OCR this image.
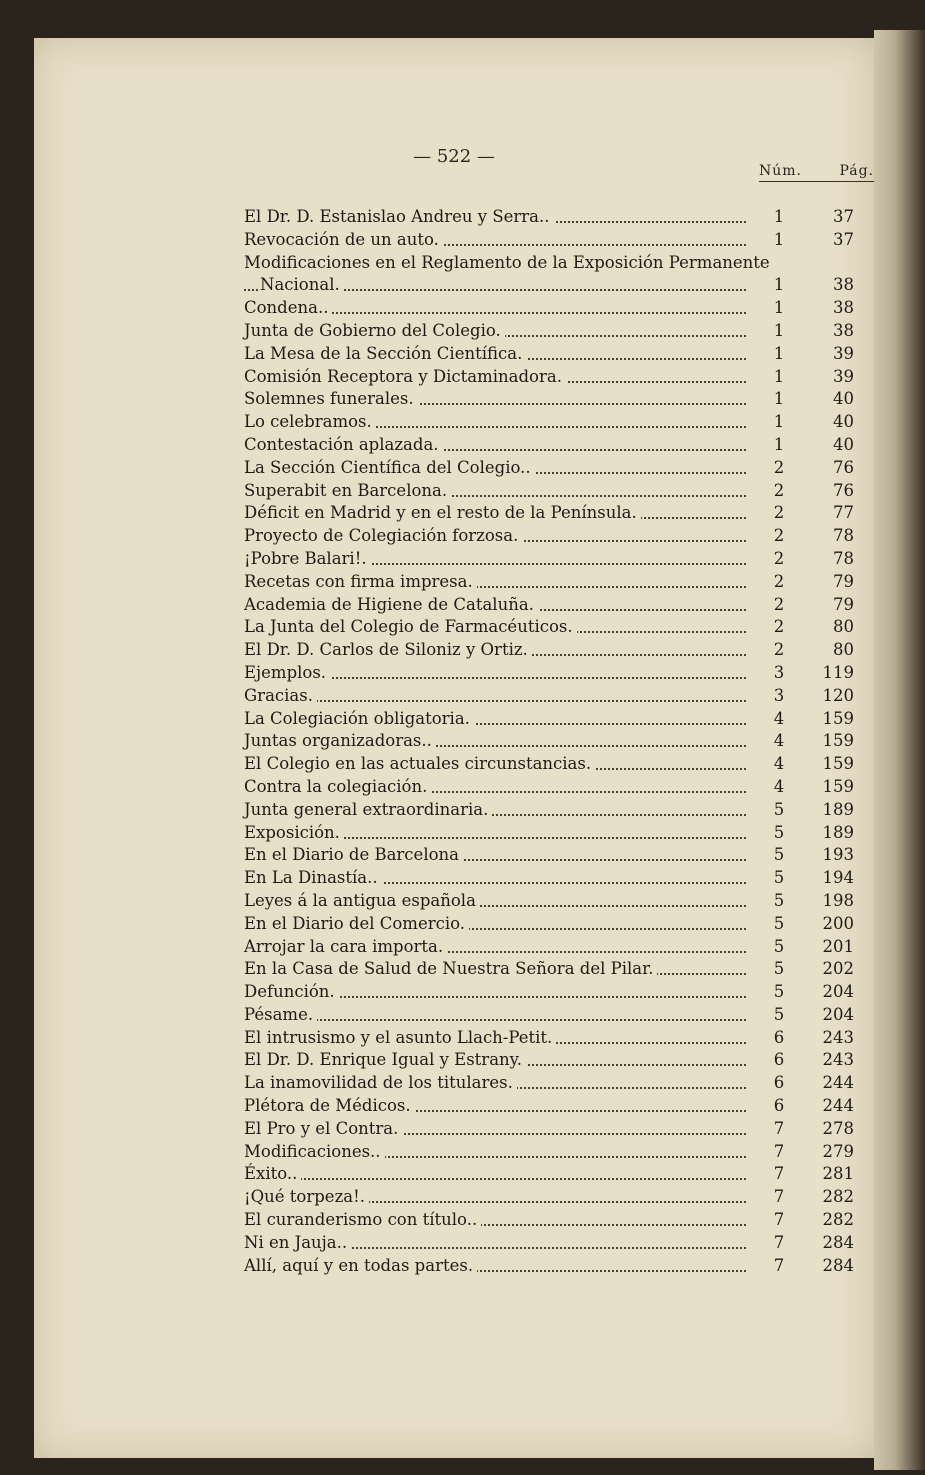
— 522 —
Núm.	Pág.
El Dr. D. Estanislao Andreu y Serra..	1	37
Revocación de un auto.	1	37
Modificaciones en el Reglamento de la Exposición Permanente
Nacional.	1	38
Condena..	1	38
Junta de Gobierno del Colegio.	1	38
La Mesa de la Sección Científica.	1	39
Comisión Receptora y Dictaminadora.	1	39
Solemnes funerales.	1	40
Lo celebramos.	1	40
Contestación aplazada.	1	40
La Sección Científica del Colegio..	2	76
Superabit en Barcelona.	2	76
Déficit en Madrid y en el resto de la Península.	2	77
Proyecto de Colegiación forzosa.	2	78
¡Pobre Balari!.	2	78
Recetas con firma impresa.	2	79
Academia de Higiene de Cataluña.	2	79
La Junta del Colegio de Farmacéuticos.	2	80
El Dr. D. Carlos de Siloniz y Ortiz.	2	80
Ejemplos.	3	119
Gracias.	3	120
La Colegiación obligatoria.	4	159
Juntas organizadoras..	4	159
El Colegio en las actuales circunstancias.	4	159
Contra la colegiación.	4	159
Junta general extraordinaria.	5	189
Exposición.	5	189
En el Diario de Barcelona	5	193
En La Dinastía..	5	194
Leyes á la antigua española	5	198
En el Diario del Comercio.	5	200
Arrojar la cara importa.	5	201
En la Casa de Salud de Nuestra Señora del Pilar.	5	202
Defunción.	5	204
Pésame.	5	204
El intrusismo y el asunto Llach-Petit.	6	243
El Dr. D. Enrique Igual y Estrany.	6	243
La inamovilidad de los titulares.	6	244
Plétora de Médicos.	6	244
El Pro y el Contra.	7	278
Modificaciones..	7	279
Éxito..	7	281
¡Qué torpeza!.	7	282
El curanderismo con título..	7	282
Ni en Jauja..	7	284
Allí, aquí y en todas partes.	7	284
